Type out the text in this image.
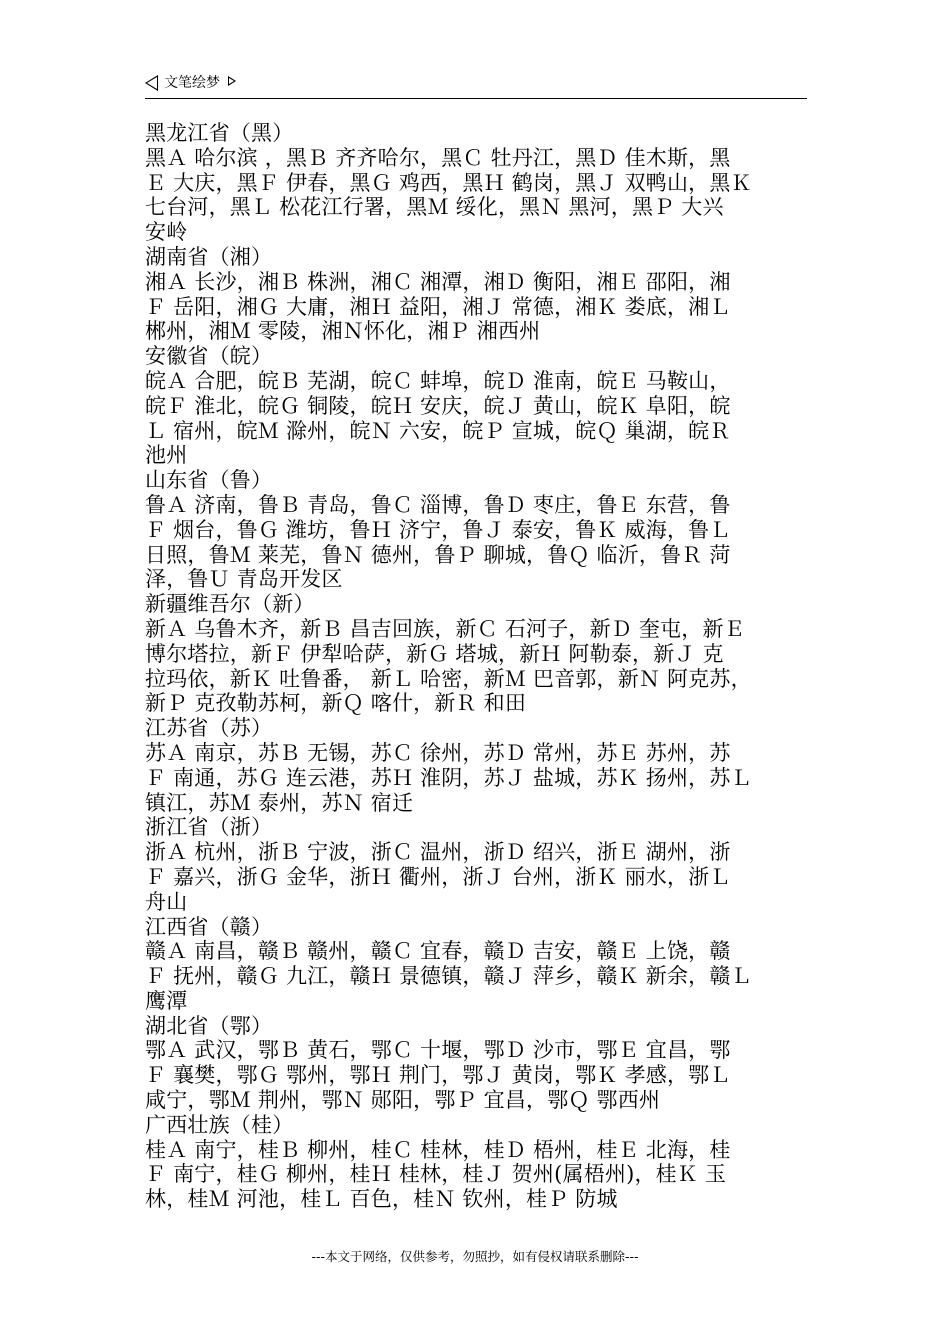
文笔绘梦

黑龙江省（黑）

黑Ａ 哈尔滨 ，黑Ｂ 齐齐哈尔，黑Ｃ 牡丹江，黑Ｄ 佳木斯，黑

Ｅ 大庆，黑Ｆ 伊春，黑Ｇ 鸡西，黑Ｈ 鹤岗，黑Ｊ 双鸭山，黑Ｋ

七台河，黑Ｌ 松花江行署，黑Ｍ 绥化，黑Ｎ 黑河，黑Ｐ 大兴

安岭

湖南省（湘）

湘Ａ 长沙，湘Ｂ 株洲，湘Ｃ 湘潭，湘Ｄ 衡阳，湘Ｅ 邵阳，湘

Ｆ 岳阳，湘Ｇ 大庸，湘Ｈ 益阳，湘Ｊ 常德，湘Ｋ 娄底，湘Ｌ

郴州，湘Ｍ 零陵，湘Ｎ怀化，湘Ｐ 湘西州

安徽省（皖）

皖Ａ 合肥，皖Ｂ 芜湖，皖Ｃ 蚌埠，皖Ｄ 淮南，皖Ｅ 马鞍山，

皖Ｆ 淮北，皖Ｇ 铜陵，皖Ｈ 安庆，皖Ｊ 黄山，皖Ｋ 阜阳，皖

Ｌ 宿州，皖Ｍ 滁州，皖Ｎ 六安，皖Ｐ 宣城，皖Ｑ 巢湖，皖Ｒ

池州

山东省（鲁）

鲁Ａ 济南，鲁Ｂ 青岛，鲁Ｃ 淄博，鲁Ｄ 枣庄，鲁Ｅ 东营，鲁

Ｆ 烟台，鲁Ｇ 潍坊，鲁Ｈ 济宁，鲁Ｊ 泰安，鲁Ｋ 威海，鲁Ｌ

日照，鲁Ｍ 莱芜，鲁Ｎ 德州，鲁Ｐ 聊城，鲁Ｑ 临沂，鲁Ｒ 菏

泽，鲁Ｕ 青岛开发区

新疆维吾尔（新）

新Ａ 乌鲁木齐，新Ｂ 昌吉回族，新Ｃ 石河子，新Ｄ 奎屯，新Ｅ

博尔塔拉，新Ｆ 伊犁哈萨，新Ｇ 塔城，新Ｈ 阿勒泰，新Ｊ 克

拉玛依，新Ｋ 吐鲁番， 新Ｌ 哈密，新Ｍ 巴音郭，新Ｎ 阿克苏，

新Ｐ 克孜勒苏柯，新Ｑ 喀什，新Ｒ 和田

江苏省（苏）

苏Ａ 南京，苏Ｂ 无锡，苏Ｃ 徐州，苏Ｄ 常州，苏Ｅ 苏州，苏

Ｆ 南通，苏Ｇ 连云港，苏Ｈ 淮阴，苏Ｊ 盐城，苏Ｋ 扬州，苏Ｌ

镇江，苏Ｍ 泰州，苏Ｎ 宿迁

浙江省（浙）

浙Ａ 杭州，浙Ｂ 宁波，浙Ｃ 温州，浙Ｄ 绍兴，浙Ｅ 湖州，浙

Ｆ 嘉兴，浙Ｇ 金华，浙Ｈ 衢州，浙Ｊ 台州，浙Ｋ 丽水，浙Ｌ

舟山

江西省（赣）

赣Ａ 南昌，赣Ｂ 赣州，赣Ｃ 宜春，赣Ｄ 吉安，赣Ｅ 上饶，赣

Ｆ 抚州，赣Ｇ 九江，赣Ｈ 景德镇，赣Ｊ 萍乡，赣Ｋ 新余，赣Ｌ

鹰潭

湖北省（鄂）

鄂Ａ 武汉，鄂Ｂ 黄石，鄂Ｃ 十堰，鄂Ｄ 沙市，鄂Ｅ 宜昌，鄂

Ｆ 襄樊，鄂Ｇ 鄂州，鄂Ｈ 荆门，鄂Ｊ 黄岗，鄂Ｋ 孝感，鄂Ｌ

咸宁，鄂Ｍ 荆州，鄂Ｎ 郧阳，鄂Ｐ 宜昌，鄂Ｑ 鄂西州

广西壮族（桂）

桂Ａ 南宁，桂Ｂ 柳州，桂Ｃ 桂林，桂Ｄ 梧州，桂Ｅ 北海，桂

Ｆ 南宁，桂Ｇ 柳州，桂Ｈ 桂林，桂Ｊ 贺州(属梧州)，桂Ｋ 玉

林，桂Ｍ 河池，桂Ｌ 百色，桂Ｎ 钦州，桂Ｐ 防城

---本文于网络，仅供参考，勿照抄，如有侵权请联系删除---
